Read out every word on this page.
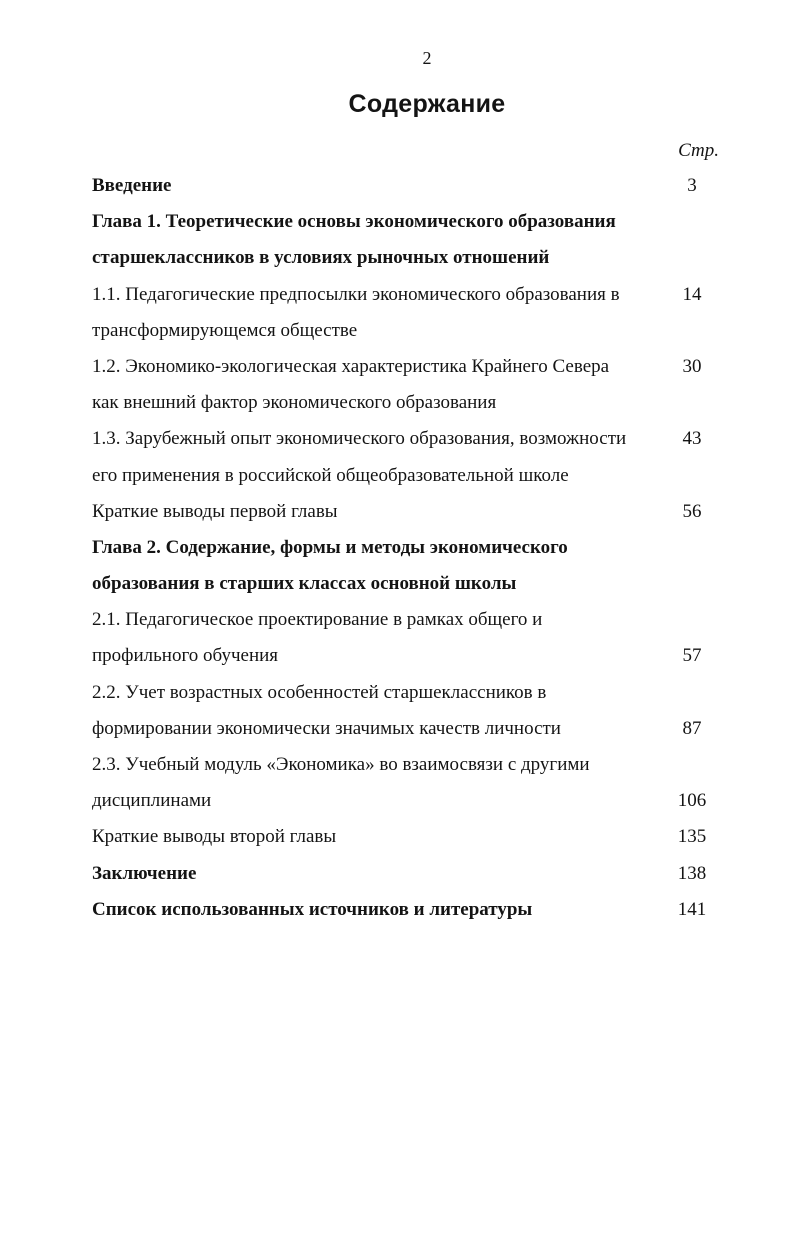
2
Содержание
Стр.
Введение	3
Глава 1. Теоретические основы экономического образования
старшеклассников в условиях рыночных отношений
1.1. Педагогические предпосылки экономического образования в	14
трансформирующемся обществе
1.2. Экономико-экологическая характеристика Крайнего Севера	30
как внешний фактор экономического образования
1.3. Зарубежный опыт экономического образования, возможности	43
его применения в российской общеобразовательной школе
Краткие выводы первой главы	56
Глава 2. Содержание, формы и методы экономического
образования в старших классах основной школы
2.1. Педагогическое проектирование в рамках общего и
профильного обучения	57
2.2. Учет возрастных особенностей старшеклассников в
формировании экономически значимых качеств личности	87
2.3. Учебный модуль «Экономика» во взаимосвязи с другими
дисциплинами	106
Краткие выводы второй главы	135
Заключение	138
Список использованных источников и литературы	141
